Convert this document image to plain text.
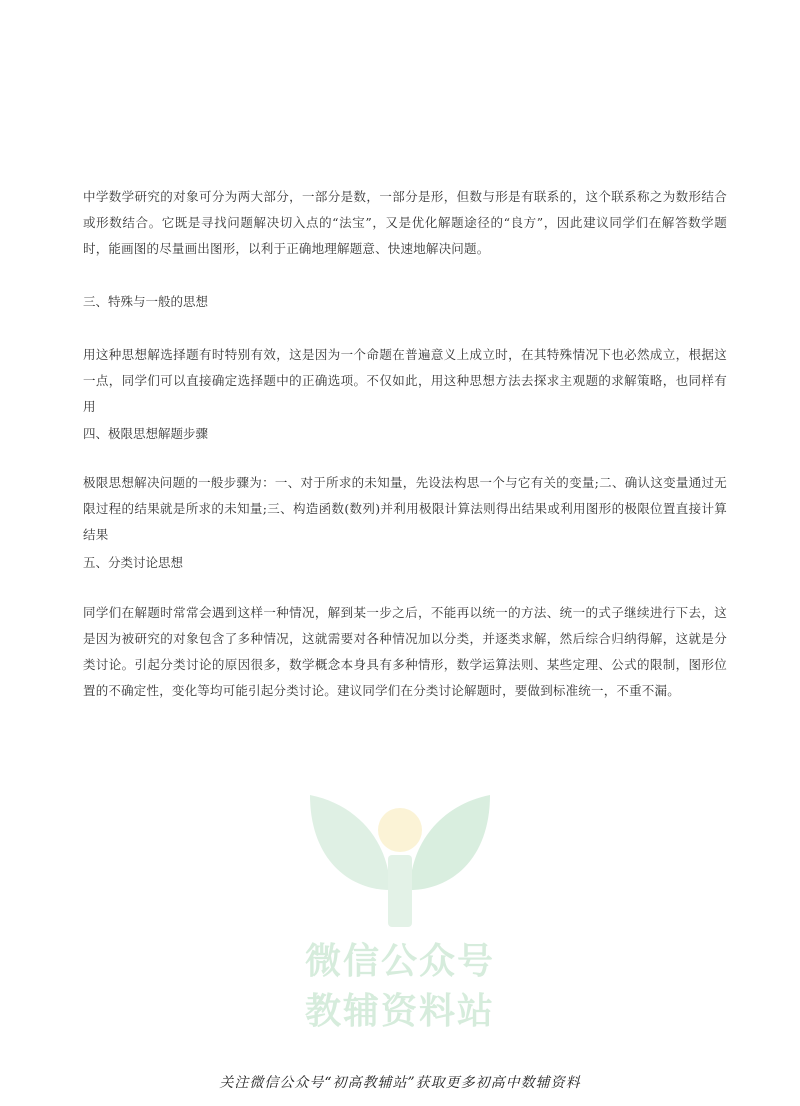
中学数学研究的对象可分为两大部分，一部分是数，一部分是形，但数与形是有联系的，这个联系称之为数形结合或形数结合。它既是寻找问题解决切入点的“法宝”，又是优化解题途径的“良方”，因此建议同学们在解答数学题时，能画图的尽量画出图形，以利于正确地理解题意、快速地解决问题。

三、特殊与一般的思想

用这种思想解选择题有时特别有效，这是因为一个命题在普遍意义上成立时，在其特殊情况下也必然成立，根据这一点，同学们可以直接确定选择题中的正确选项。不仅如此，用这种思想方法去探求主观题的求解策略，也同样有用

四、极限思想解题步骤

极限思想解决问题的一般步骤为：一、对于所求的未知量，先设法构思一个与它有关的变量;二、确认这变量通过无限过程的结果就是所求的未知量;三、构造函数(数列)并利用极限计算法则得出结果或利用图形的极限位置直接计算结果

五、分类讨论思想

同学们在解题时常常会遇到这样一种情况，解到某一步之后，不能再以统一的方法、统一的式子继续进行下去，这是因为被研究的对象包含了多种情况，这就需要对各种情况加以分类，并逐类求解，然后综合归纳得解，这就是分类讨论。引起分类讨论的原因很多，数学概念本身具有多种情形，数学运算法则、某些定理、公式的限制，图形位置的不确定性，变化等均可能引起分类讨论。建议同学们在分类讨论解题时，要做到标准统一，不重不漏。

微信公众号
教辅资料站
关注微信公众号“初高教辅站”获取更多初高中数辅资料
